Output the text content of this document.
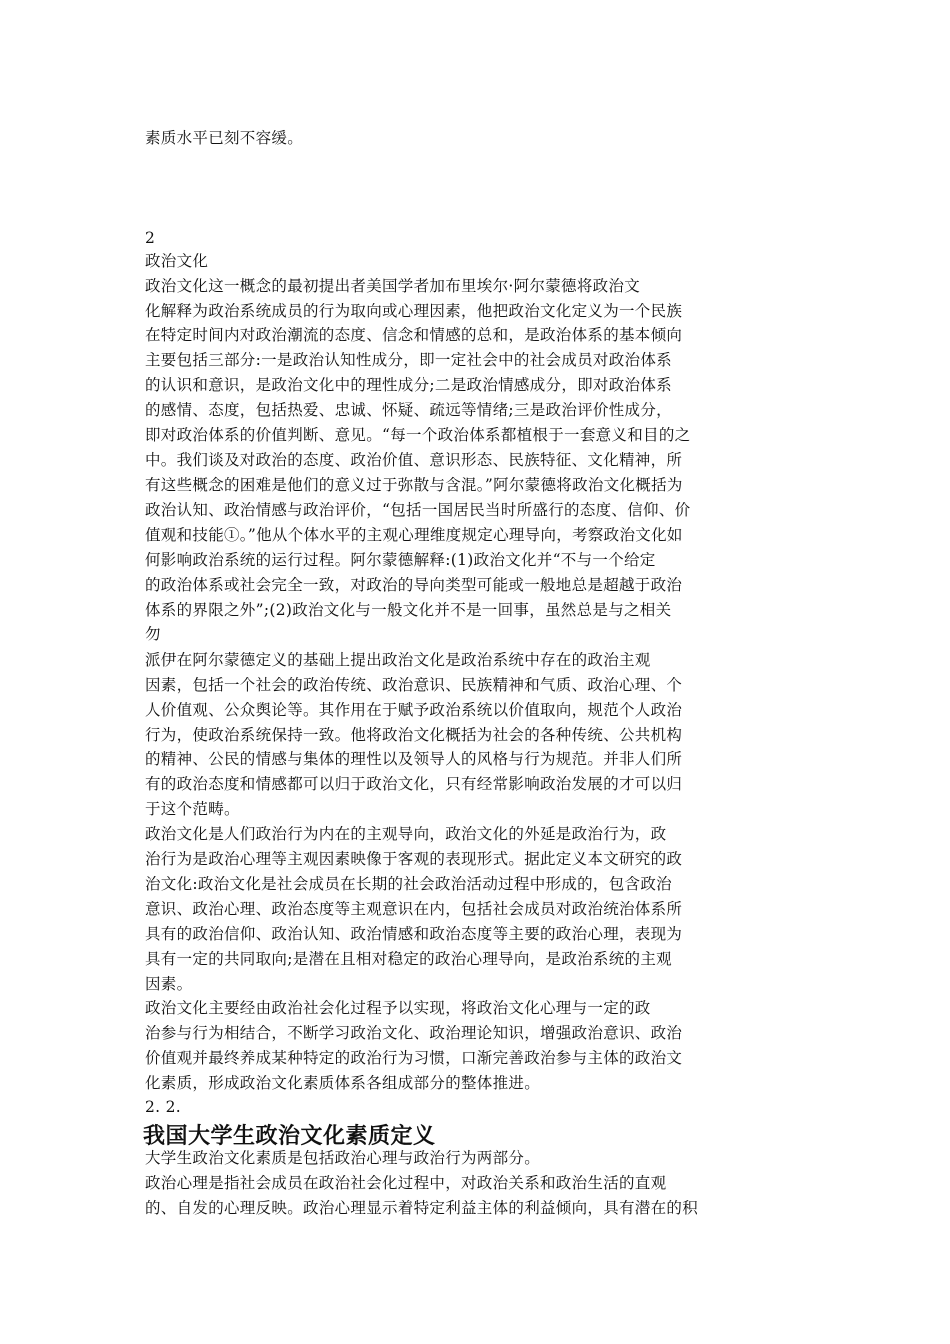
素质水平已刻不容缓。
2
政治文化
政治文化这一概念的最初提出者美国学者加布里埃尔·阿尔蒙德将政治文
化解释为政治系统成员的行为取向或心理因素，他把政治文化定义为一个民族
在特定时间内对政治潮流的态度、信念和情感的总和，是政治体系的基本倾向
主要包括三部分:一是政治认知性成分，即一定社会中的社会成员对政治体系
的认识和意识，是政治文化中的理性成分;二是政治情感成分，即对政治体系
的感情、态度，包括热爱、忠诚、怀疑、疏远等情绪;三是政治评价性成分，
即对政治体系的价值判断、意见。“每一个政治体系都植根于一套意义和目的之
中。我们谈及对政治的态度、政治价值、意识形态、民族特征、文化精神，所
有这些概念的困难是他们的意义过于弥散与含混。”阿尔蒙德将政治文化概括为
政治认知、政治情感与政治评价，“包括一国居民当时所盛行的态度、信仰、价
值观和技能①。”他从个体水平的主观心理维度规定心理导向，考察政治文化如
何影响政治系统的运行过程。阿尔蒙德解释:(1)政治文化并“不与一个给定
的政治体系或社会完全一致，对政治的导向类型可能或一般地总是超越于政治
体系的界限之外”;(2)政治文化与一般文化并不是一回事，虽然总是与之相关
勿
派伊在阿尔蒙德定义的基础上提出政治文化是政治系统中存在的政治主观
因素，包括一个社会的政治传统、政治意识、民族精神和气质、政治心理、个
人价值观、公众舆论等。其作用在于赋予政治系统以价值取向，规范个人政治
行为，使政治系统保持一致。他将政治文化概括为社会的各种传统、公共机构
的精神、公民的情感与集体的理性以及领导人的风格与行为规范。并非人们所
有的政治态度和情感都可以归于政治文化，只有经常影响政治发展的才可以归
于这个范畴。
政治文化是人们政治行为内在的主观导向，政治文化的外延是政治行为，政
治行为是政治心理等主观因素映像于客观的表现形式。据此定义本文研究的政
治文化:政治文化是社会成员在长期的社会政治活动过程中形成的，包含政治
意识、政治心理、政治态度等主观意识在内，包括社会成员对政治统治体系所
具有的政治信仰、政治认知、政治情感和政治态度等主要的政治心理，表现为
具有一定的共同取向;是潜在且相对稳定的政治心理导向，是政治系统的主观
因素。
政治文化主要经由政治社会化过程予以实现，将政治文化心理与一定的政
治参与行为相结合，不断学习政治文化、政治理论知识，增强政治意识、政治
价值观并最终养成某种特定的政治行为习惯，口渐完善政治参与主体的政治文
化素质，形成政治文化素质体系各组成部分的整体推进。
2. 2.
我国大学生政治文化素质定义
大学生政治文化素质是包括政治心理与政治行为两部分。
政治心理是指社会成员在政治社会化过程中，对政治关系和政治生活的直观
的、自发的心理反映。政治心理显示着特定利益主体的利益倾向，具有潜在的积
